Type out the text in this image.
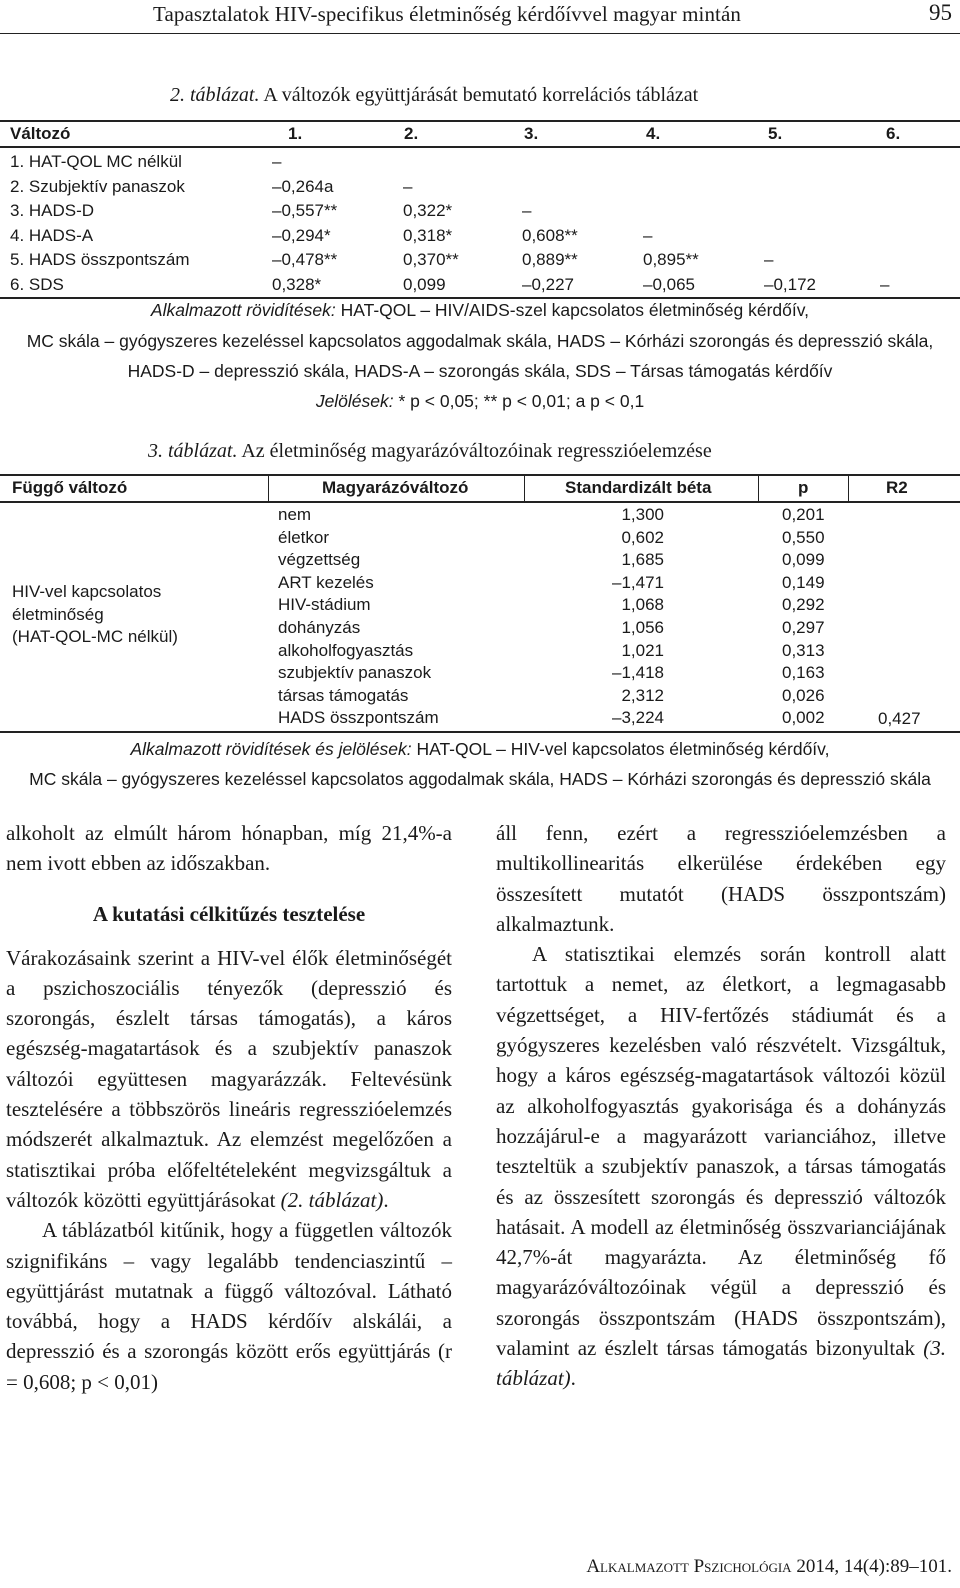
Tapasztalatok HIV-specifikus életminőség kérdőívvel magyar mintán	95
2. táblázat. A változók együttjárását bemutató korrelációs táblázat
Változó	1.	2.	3.	4.	5.	6.
1. HAT-QOL MC nélkül	–
2. Szubjektív panaszok	–0,264a	–
3. HADS-D	–0,557**	0,322*	–
4. HADS-A	–0,294*	0,318*	0,608**	–
5. HADS összpontszám	–0,478**	0,370**	0,889**	0,895**	–
6. SDS	0,328*	0,099	–0,227	–0,065	–0,172	–
Alkalmazott rövidítések: HAT-QOL – HIV/AIDS-szel kapcsolatos életminőség kérdőív,
MC skála – gyógyszeres kezeléssel kapcsolatos aggodalmak skála, HADS – Kórházi szorongás és depresszió skála,
HADS-D – depresszió skála, HADS-A – szorongás skála, SDS – Társas támogatás kérdőív
Jelölések: * p < 0,05; ** p < 0,01; a p < 0,1
3. táblázat. Az életminőség magyarázóváltozóinak regresszióelemzése
Függő változó	Magyarázóváltozó	Standardizált béta	p	R2
HIV-vel kapcsolatos
életminőség
(HAT-QOL-MC nélkül)
nem	1,300	0,201
életkor	0,602	0,550
végzettség	1,685	0,099
ART kezelés	–1,471	0,149
HIV-stádium	1,068	0,292
dohányzás	1,056	0,297
alkoholfogyasztás	1,021	0,313
szubjektív panaszok	–1,418	0,163
társas támogatás	2,312	0,026
HADS összpontszám	–3,224	0,002	0,427
Alkalmazott rövidítések és jelölések: HAT-QOL – HIV-vel kapcsolatos életminőség kérdőív,
MC skála – gyógyszeres kezeléssel kapcsolatos aggodalmak skála, HADS – Kórházi szorongás és depresszió skála

alkoholt az elmúlt három hónapban, míg 21,4%-a nem ivott ebben az időszakban.

A kutatási célkitűzés tesztelése

Várakozásaink szerint a HIV-vel élők életminőségét a pszichoszociális tényezők (depresszió és szorongás, észlelt társas támogatás), a káros egészség-magatartások és a szubjektív panaszok változói együttesen magyarázzák. Feltevésünk tesztelésére a többszörös lineáris regresszióelemzés módszerét alkalmaztuk. Az elemzést megelőzően a statisztikai próba előfeltételeként megvizsgáltuk a változók közötti együttjárásokat (2. táblázat).

A táblázatból kitűnik, hogy a független változók szignifikáns – vagy legalább tendenciaszintű – együttjárást mutatnak a függő változóval. Látható továbbá, hogy a HADS kérdőív alskálái, a depresszió és a szorongás között erős együttjárás (r = 0,608; p < 0,01)

áll fenn, ezért a regresszióelemzésben a multikollinearitás elkerülése érdekében egy összesített mutatót (HADS összpontszám) alkalmaztunk.

A statisztikai elemzés során kontroll alatt tartottuk a nemet, az életkort, a legmagasabb végzettséget, a HIV-fertőzés stádiumát és a gyógyszeres kezelésben való részvételt. Vizsgáltuk, hogy a káros egészség-magatartások változói közül az alkoholfogyasztás gyakorisága és a dohányzás hozzájárul-e a magyarázott varianciához, illetve teszteltük a szubjektív panaszok, a társas támogatás és az összesített szorongás és depresszió változók hatásait. A modell az életminőség összvarianciájának 42,7%-át magyarázta. Az életminőség fő magyarázóváltozóinak végül a depresszió és szorongás összpontszám (HADS összpontszám), valamint az észlelt társas támogatás bizonyultak (3. táblázat).

Alkalmazott Pszichológia 2014, 14(4):89–101.
